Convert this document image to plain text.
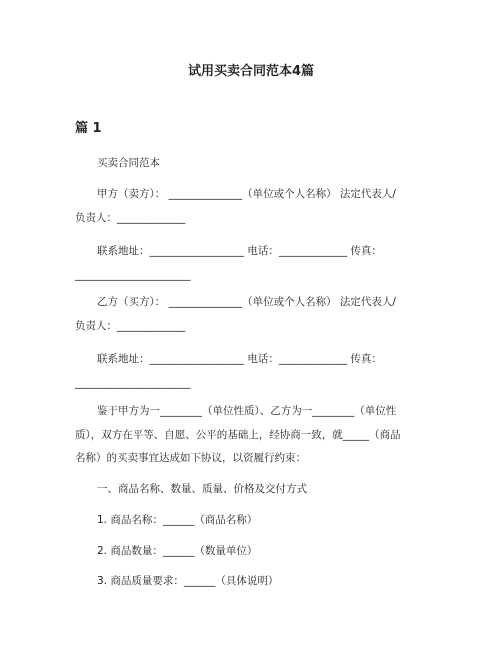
试用买卖合同范本4篇
篇 1
买卖合同范本
甲方（卖方）： ______________（单位或个人名称） 法定代表人/
负责人：_____________
联系地址：__________________ 电话：_____________ 传真：
______________________
乙方（买方）： ______________（单位或个人名称） 法定代表人/
负责人：_____________
联系地址：__________________ 电话：_____________ 传真：
______________________
鉴于甲方为一________（单位性质）、乙方为一________（单位性
质），双方在平等、自愿、公平的基础上，经协商一致，就_____（商品
名称）的买卖事宜达成如下协议，以资履行约束：
一、商品名称、数量、质量、价格及交付方式
1. 商品名称：______（商品名称）
2. 商品数量：______（数量单位）
3. 商品质量要求：______（具体说明）
